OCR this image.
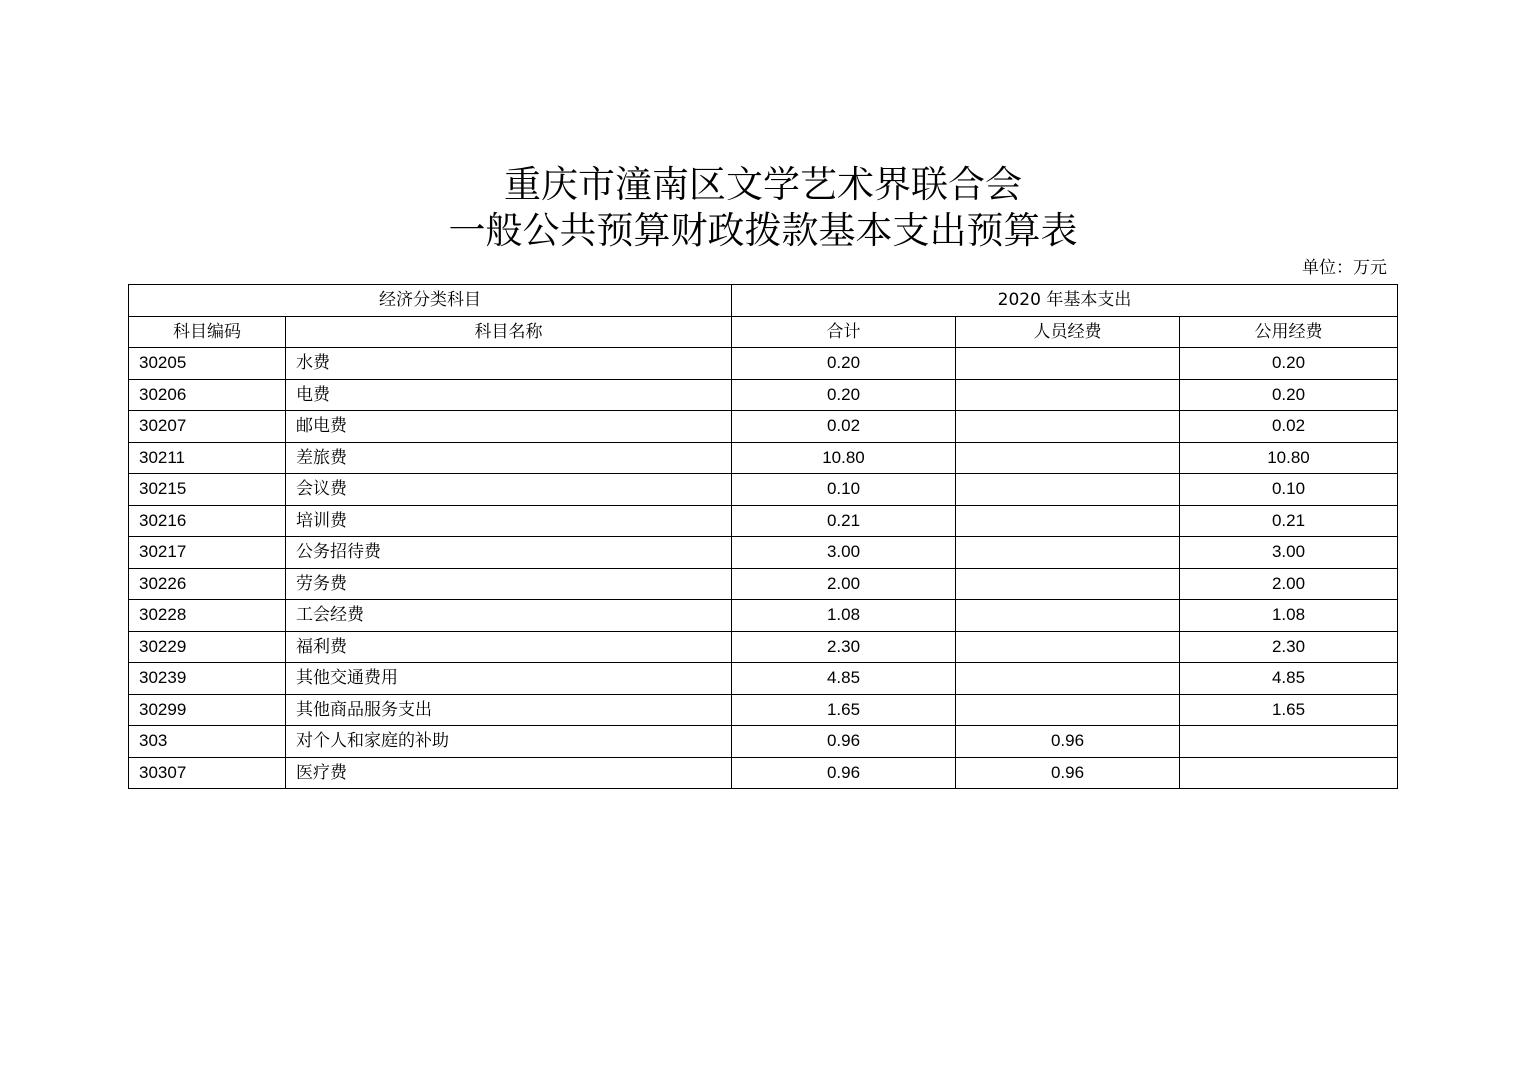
重庆市潼南区文学艺术界联合会
一般公共预算财政拨款基本支出预算表
单位：万元
经济分类科目		2020 年基本支出		
科目编码	科目名称	合计	人员经费	公用经费
30205	水费	0.20		0.20
30206	电费	0.20		0.20
30207	邮电费	0.02		0.02
30211	差旅费	10.80		10.80
30215	会议费	0.10		0.10
30216	培训费	0.21		0.21
30217	公务招待费	3.00		3.00
30226	劳务费	2.00		2.00
30228	工会经费	1.08		1.08
30229	福利费	2.30		2.30
30239	其他交通费用	4.85		4.85
30299	其他商品服务支出	1.65		1.65
303	对个人和家庭的补助	0.96	0.96	
30307	医疗费	0.96	0.96	
